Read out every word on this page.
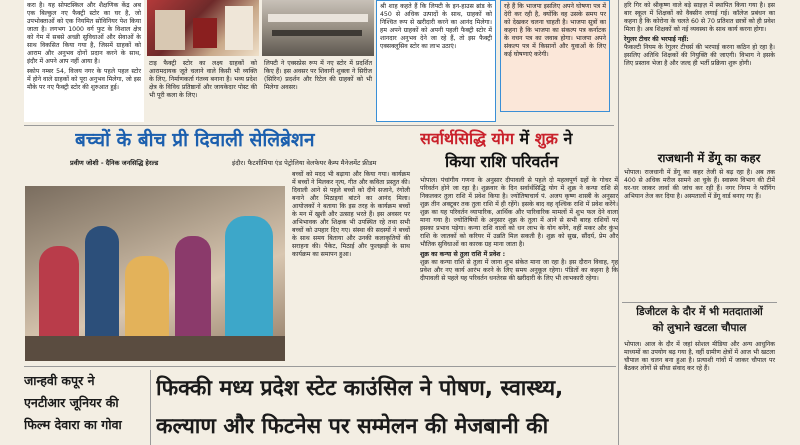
करा है। यह सोफ्टस्किल और शैक्षणिक केंद्र अब एक बिल्कुल नए फैक्ट्री स्टोर का घर है, जो उपभोक्ताओं को एक नियमित सोविनियर पेश किया जाता है। लगभग 1000 वर्ग फुट के विशाल क्षेत्र को गेम में सबसे अच्छी सुविधाओं और सेवाओं के साथ विकसित किया गया है, जिसमें ग्राहकों को आराम और अनुभव दोनों प्रदान करने के साथ, इंदौर में अपने आप नहीं आया है।
स्कोप नम्बर 54, विजय नगर के पहले पहल स्टोर में होने वाले ग्राहकों को पूरा अनुभव मिलेगा, जो इस मौके पर नए फैक्ट्री स्टोर की शुरुआत हुई।
टाइ फैक्ट्री स्टोर का लक्ष्य ग्राहकों को आरामदायक जूते चलाने वाले किसी भी व्यक्ति के लिए, निर्माणकर्ता गंतव्य बनाना है। भव्य प्रदेश क्षेत्र के विविध प्रतिष्ठानों और जायकेदार पोस्ट की भी पूरी कला के लिए।
लिफ्टी ने एक्सप्रेस रूप में नए स्टोर में प्रदर्शित किए हैं। इस अवसर पर शिवानी शुक्ला ने सिरीज (सिरिन) प्रदर्शन और रिटेल की ग्राहकों को भी मिलेगा अवसर।
श्री शाह कहते हैं कि लिफ्टी के इन-हाउस ब्रांड के 450 से अधिक उत्पादों के साथ, ग्राहकों को निश्चित रूप से खरीदारी करने का आनंद मिलेगा। हम अपने ग्राहकों को अपनी पहली फैक्ट्री स्टोर में शानदार अनुभव देने जा रहे हैं, तो इस फैक्ट्री एक्सक्लूसिव स्टोर का लाभ उठाएं।
रहे हैं कि भाजपा इसलिए अपने घोषणा पत्र में देरी कर रही है, क्योंकि वह उसके समय पर को देखकर चलना चाहती है। भाजपा सूत्रों का कहना है कि भाजपा का संकल्प पत्र कर्नाटक के वचन पत्र का जवाब होगा। भाजपा अपने संकल्प पत्र में किसानों और युवाओं के लिए कई घोषणाएं करेगी।
बच्चों के बीच प्री दिवाली सेलिब्रेशन
प्रवीण जोशी - दैनिक जनसिद्धि हेरल्ड	इंदौर। फैटशीमिया एंड पेट्रोलिया वेलफेयर कैम्प मैनेजमेंट फ्रीडम
बच्चों को मदद भी बढ़ाया और किया गया। कार्यक्रम में बच्चों ने मिलकर नृत्य, गीत और कविता प्रस्तुत की। दिवाली आने से पहले बच्चों को दीये सजाने, रंगोली बनाने और मिठाइयां बांटने का आनंद मिला। आयोजकों ने बताया कि इस तरह के कार्यक्रम बच्चों के मन में खुशी और उत्साह भरते हैं। इस अवसर पर अभिभावक और शिक्षक भी उपस्थित रहे तथा सभी बच्चों को उपहार दिए गए। संस्था की सदस्यों ने बच्चों के साथ समय बिताया और उनकी कलाकृतियों की सराहना की। पैकेट, मिठाई और फुलझड़ी के साथ कार्यक्रम का समापन हुआ।
सर्वार्थसिद्धि योग में शुक्र ने
किया राशि परिवर्तन
भोपाल। पंचांगीय गणना के अनुसार दीपावली से पहले दो महत्वपूर्ण ग्रहों के गोचर में परिवर्तन होने जा रहा है। शुक्रवार के दिन सर्वार्थसिद्धि योग में शुक्र ने कन्या राशि से निकलकर तुला राशि में प्रवेश किया है। ज्योतिषाचार्य पं. अजय कृष्ण शास्त्री के अनुसार शुक्र तीन अक्टूबर तक तुला राशि में ही रहेंगे। इसके बाद वह वृश्चिक राशि में प्रवेश करेंगे। शुक्र का यह परिवर्तन व्यापारिक, आर्थिक और पारिवारिक मामलों में शुभ फल देने वाला माना गया है। ज्योतिषियों के अनुसार शुक्र के तुला में आने से सभी बारह राशियों पर इसका प्रभाव पड़ेगा। कन्या राशि वालों को धन लाभ के योग बनेंगे, वहीं मकर और कुंभ राशि के जातकों को करियर में उन्नति मिल सकती है। शुक्र को सुख, सौंदर्य, प्रेम और भौतिक सुविधाओं का कारक ग्रह माना जाता है।
शुक्र का कन्या से तुला राशि में प्रवेश :
शुक्र का कन्या राशि से तुला में जाना शुभ संकेत माना जा रहा है। इस दौरान विवाह, गृह प्रवेश और नए कार्य आरंभ करने के लिए समय अनुकूल रहेगा। पंडितों का कहना है कि दीपावली से पहले यह परिवर्तन धनतेरस की खरीदारी के लिए भी लाभकारी रहेगा।
हरि गिर को श्रीकृष्ण वाले बड़े साइज़ में स्थापित किया गया है। इस बार स्कूल में शिक्षकों को वैक्सीन लगाई गई। कॉलेज प्रबंधन का कहना है कि कोरोना के चलते 60 से 70 प्रतिशत छात्रों को ही प्रवेश मिला है। अब शिक्षकों को नई व्यवस्था के साथ कार्य करना होगा।
रेगुलर टीचर की भरपाई नहीं:
फैकल्टी नियम के रेगुलर टीचर्स की भरपाई करना कठिन हो रहा है। इसलिए अतिथि शिक्षकों की नियुक्ति की जाएगी। विभाग ने इसके लिए प्रस्ताव भेजा है और जल्द ही भर्ती प्रक्रिया शुरू होगी।
राजधानी में डेंगू का कहर
भोपाल। राजधानी में डेंगू का कहर तेजी से बढ़ रहा है। अब तक 400 से अधिक मरीज सामने आ चुके हैं। स्वास्थ्य विभाग की टीमें घर-घर जाकर लार्वा की जांच कर रही हैं। नगर निगम ने फॉगिंग अभियान तेज कर दिया है। अस्पतालों में डेंगू वार्ड बनाए गए हैं।
डिजीटल के दौर में भी मतदाताओं
को लुभाने खटला चौपाल
भोपाल। आज के दौर में जहां सोशल मीडिया और अन्य आधुनिक माध्यमों का उपयोग बढ़ गया है, वहीं ग्रामीण क्षेत्रों में आज भी खटला चौपाल का चलन बना हुआ है। प्रत्याशी गांवों में जाकर चौपाल पर बैठकर लोगों से सीधा संवाद कर रहे हैं।
जान्हवी कपूर ने
एनटीआर जूनियर की
फिल्म देवारा का गोवा
फिक्की मध्य प्रदेश स्टेट काउंसिल ने पोषण, स्वास्थ्य,
कल्याण और फिटनेस पर सम्मेलन की मेजबानी की
